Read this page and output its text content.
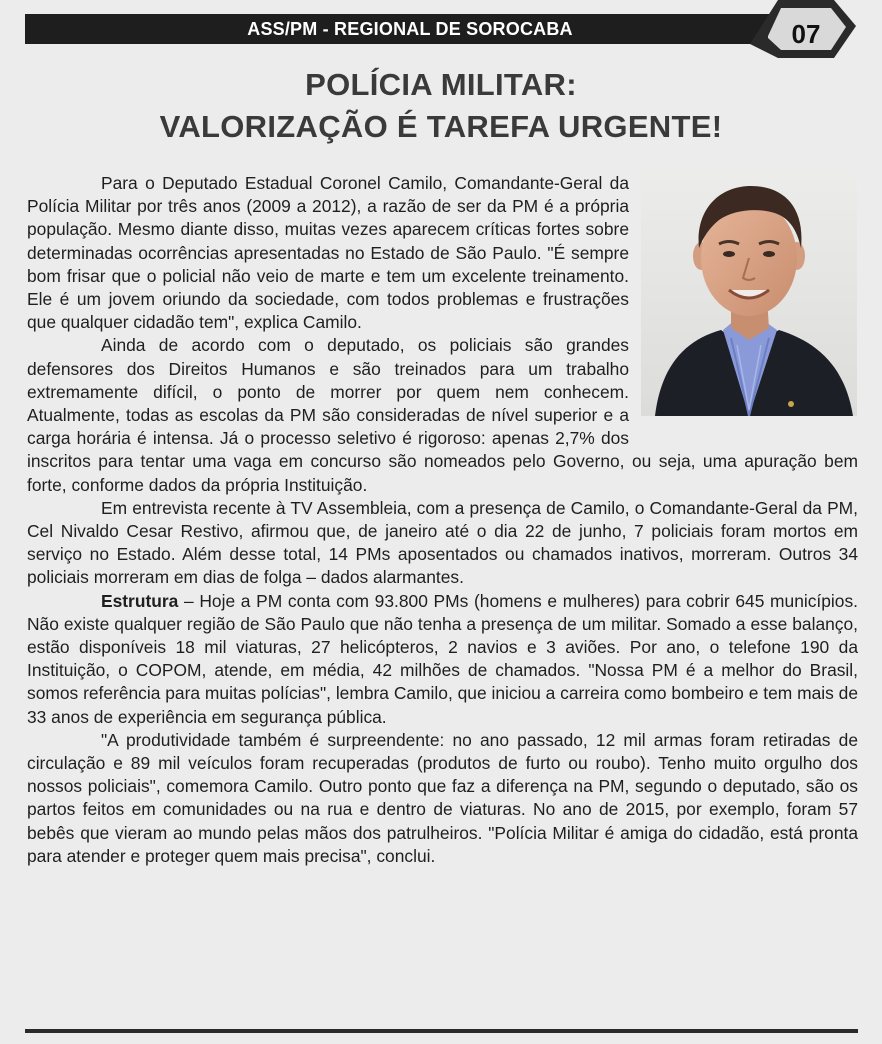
ASS/PM - REGIONAL DE SOROCABA	07
POLÍCIA MILITAR:
VALORIZAÇÃO É TAREFA URGENTE!

Para o Deputado Estadual Coronel Camilo, Comandante-Geral da Polícia Militar por três anos (2009 a 2012), a razão de ser da PM é a própria população. Mesmo diante disso, muitas vezes aparecem críticas fortes sobre determinadas ocorrências apresentadas no Estado de São Paulo. "É sempre bom frisar que o policial não veio de marte e tem um excelente treinamento. Ele é um jovem oriundo da sociedade, com todos problemas e frustrações que qualquer cidadão tem", explica Camilo.

Ainda de acordo com o deputado, os policiais são grandes defensores dos Direitos Humanos e são treinados para um trabalho extremamente difícil, o ponto de morrer por quem nem conhecem. Atualmente, todas as escolas da PM são consideradas de nível superior e a carga horária é intensa. Já o processo seletivo é rigoroso: apenas 2,7% dos inscritos para tentar uma vaga em concurso são nomeados pelo Governo, ou seja, uma apuração bem forte, conforme dados da própria Instituição.

Em entrevista recente à TV Assembleia, com a presença de Camilo, o Comandante-Geral da PM, Cel Nivaldo Cesar Restivo, afirmou que, de janeiro até o dia 22 de junho, 7 policiais foram mortos em serviço no Estado. Além desse total, 14 PMs aposentados ou chamados inativos, morreram. Outros 34 policiais morreram em dias de folga – dados alarmantes.

Estrutura – Hoje a PM conta com 93.800 PMs (homens e mulheres) para cobrir 645 municípios. Não existe qualquer região de São Paulo que não tenha a presença de um militar. Somado a esse balanço, estão disponíveis 18 mil viaturas, 27 helicópteros, 2 navios e 3 aviões. Por ano, o telefone 190 da Instituição, o COPOM, atende, em média, 42 milhões de chamados. "Nossa PM é a melhor do Brasil, somos referência para muitas polícias", lembra Camilo, que iniciou a carreira como bombeiro e tem mais de 33 anos de experiência em segurança pública.

"A produtividade também é surpreendente: no ano passado, 12 mil armas foram retiradas de circulação e 89 mil veículos foram recuperadas (produtos de furto ou roubo). Tenho muito orgulho dos nossos policiais", comemora Camilo. Outro ponto que faz a diferença na PM, segundo o deputado, são os partos feitos em comunidades ou na rua e dentro de viaturas. No ano de 2015, por exemplo, foram 57 bebês que vieram ao mundo pelas mãos dos patrulheiros. "Polícia Militar é amiga do cidadão, está pronta para atender e proteger quem mais precisa", conclui.
